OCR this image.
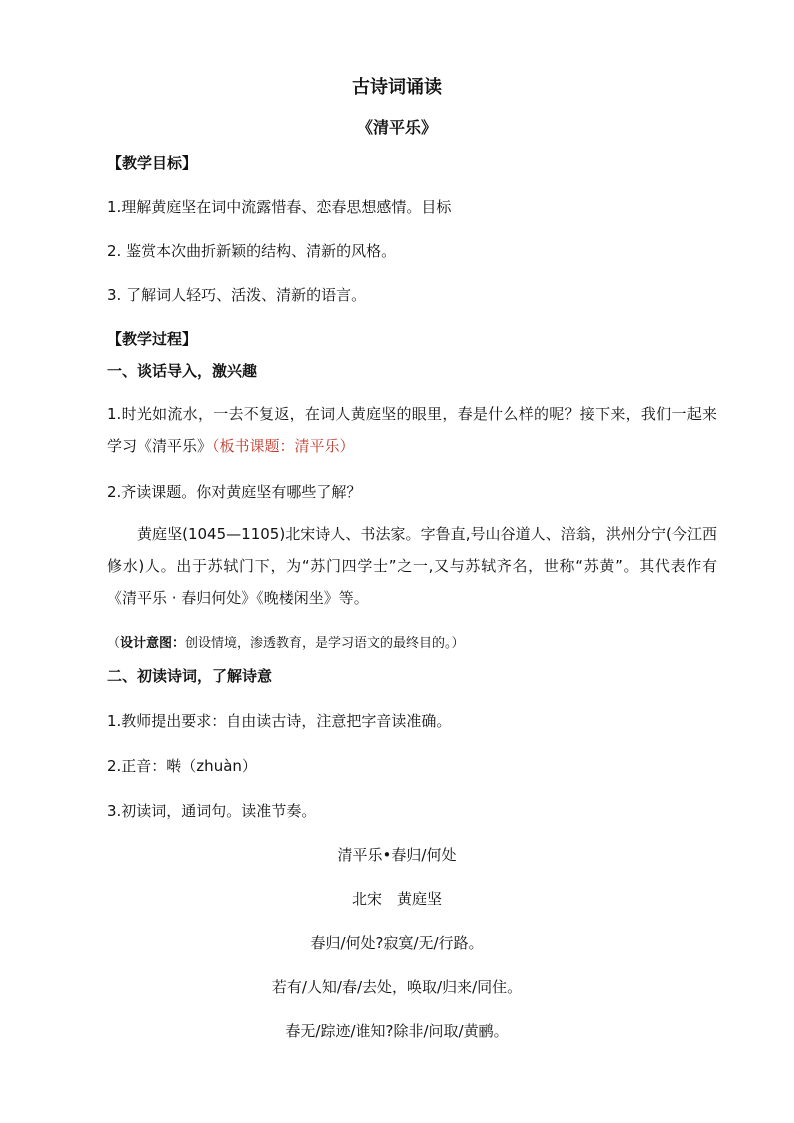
古诗词诵读
《清平乐》
【教学目标】
1.理解黄庭坚在词中流露惜春、恋春思想感情。目标
2. 鉴赏本次曲折新颖的结构、清新的风格。
3. 了解词人轻巧、活泼、清新的语言。
【教学过程】
一、谈话导入，激兴趣
1.时光如流水，一去不复返，在词人黄庭坚的眼里，春是什么样的呢？接下来，我们一起来学习《清平乐》（板书课题：清平乐）
2.齐读课题。你对黄庭坚有哪些了解？
黄庭坚(1045—1105)北宋诗人、书法家。字鲁直,号山谷道人、涪翁，洪州分宁(今江西修水)人。出于苏轼门下，为“苏门四学士”之一,又与苏轼齐名，世称“苏黄”。其代表作有《清平乐 · 春归何处》《晚楼闲坐》等。
（设计意图：创设情境，渗透教育，是学习语文的最终目的。）
二、初读诗词，了解诗意
1.教师提出要求：自由读古诗，注意把字音读准确。
2.正音：啭（zhuàn）
3.初读词，通词句。读准节奏。
清平乐•春归/何处
北宋　黄庭坚
春归/何处?寂寞/无/行路。
若有/人知/春/去处，唤取/归来/同住。
春无/踪迹/谁知?除非/问取/黄鹂。
